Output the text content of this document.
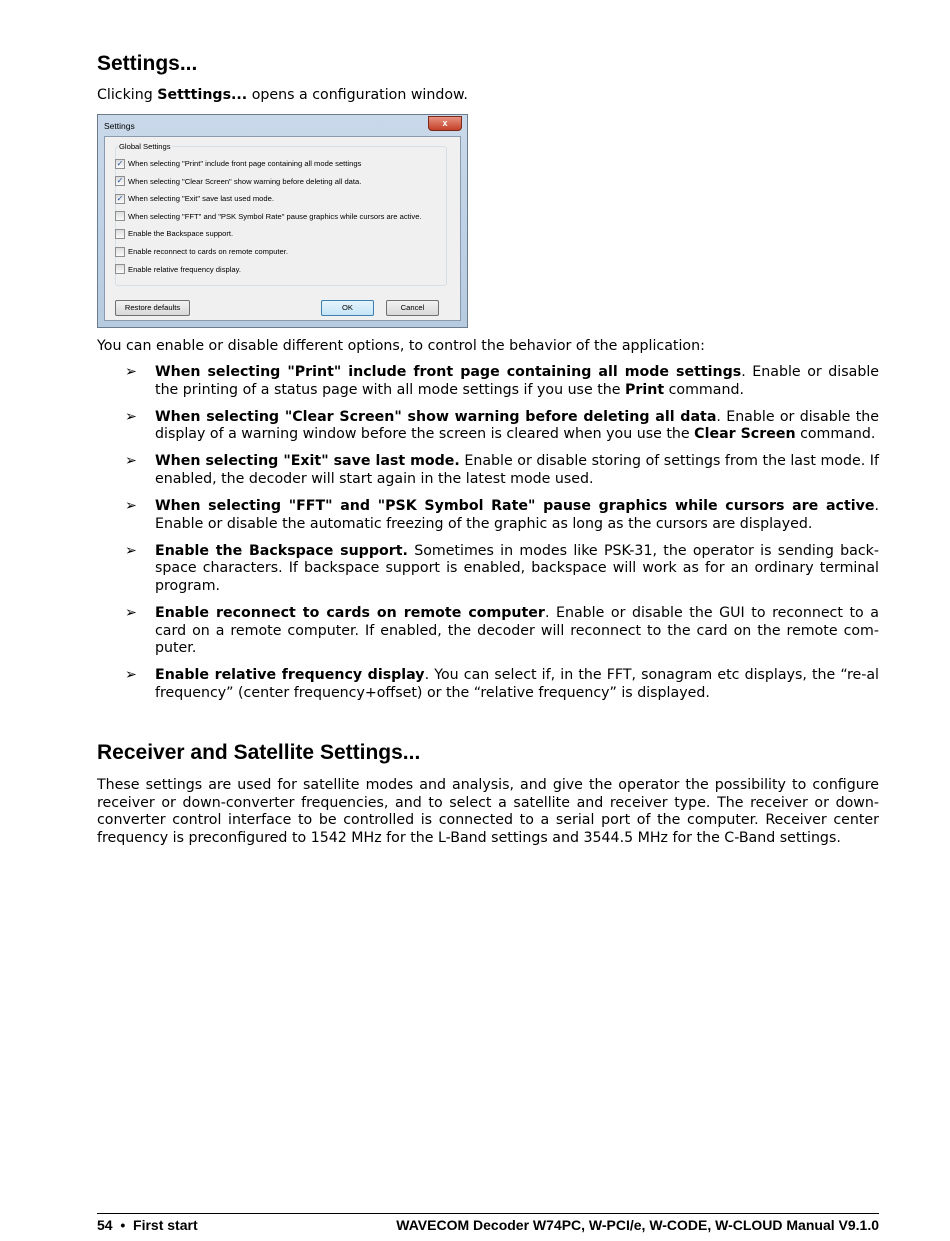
Settings...

Clicking Setttings... opens a configuration window.

Settings	x
Global Settings
✓ When selecting "Print" include front page containing all mode settings
✓ When selecting "Clear Screen" show warning before deleting all data.
✓ When selecting "Exit" save last used mode.
When selecting "FFT" and "PSK Symbol Rate" pause graphics while cursors are active.
Enable the Backspace support.
Enable reconnect to cards on remote computer.
Enable relative frequency display.
Restore defaults	OK	Cancel

You can enable or disable different options, to control the behavior of the application:

➢ When selecting "Print" include front page containing all mode settings. Enable or disable the printing of a status page with all mode settings if you use the Print command.
➢ When selecting "Clear Screen" show warning before deleting all data. Enable or disable the display of a warning window before the screen is cleared when you use the Clear Screen command.
➢ When selecting "Exit" save last mode. Enable or disable storing of settings from the last mode. If enabled, the decoder will start again in the latest mode used.
➢ When selecting "FFT" and "PSK Symbol Rate" pause graphics while cursors are active. Enable or disable the automatic freezing of the graphic as long as the cursors are displayed.
➢ Enable the Backspace support. Sometimes in modes like PSK-31, the operator is sending back-space characters. If backspace support is enabled, backspace will work as for an ordinary terminal program.
➢ Enable reconnect to cards on remote computer. Enable or disable the GUI to reconnect to a card on a remote computer. If enabled, the decoder will reconnect to the card on the remote com-puter.
➢ Enable relative frequency display. You can select if, in the FFT, sonagram etc displays, the “re-al frequency” (center frequency+offset) or the “relative frequency” is displayed.
Receiver and Satellite Settings...

These settings are used for satellite modes and analysis, and give the operator the possibility to configure receiver or down-converter frequencies, and to select a satellite and receiver type. The receiver or down-converter control interface to be controlled is connected to a serial port of the computer. Receiver center frequency is preconfigured to 1542 MHz for the L-Band settings and 3544.5 MHz for the C-Band settings.

54  •  First start	WAVECOM Decoder W74PC, W-PCI/e, W-CODE, W-CLOUD Manual V9.1.0
